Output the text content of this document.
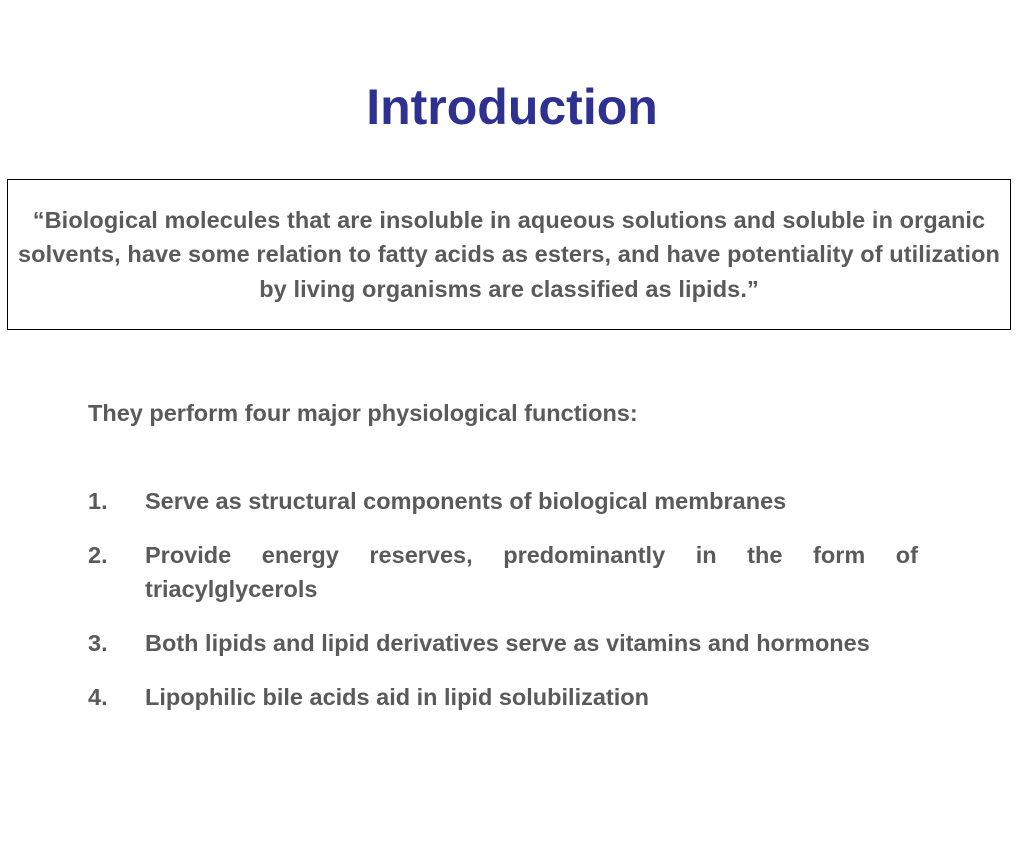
Introduction

“Biological molecules that are insoluble in aqueous solutions and soluble in organic solvents, have some relation to fatty acids as esters, and have potentiality of utilization by living organisms are classified as lipids.”

They perform four major physiological functions:

1.	Serve as structural components of biological membranes
2.	Provide energy reserves, predominantly in the form of triacylglycerols
3.	Both lipids and lipid derivatives serve as vitamins and hormones
4.	Lipophilic bile acids aid in lipid solubilization
